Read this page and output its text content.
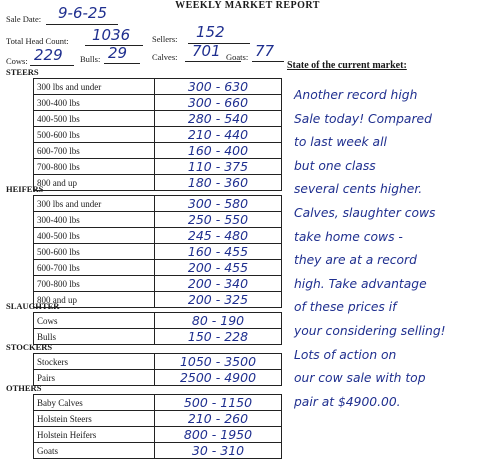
WEEKLY MARKET REPORT
Sale Date: 9-6-25
Total Head Count: 1036	Sellers: 152
Cows: 229 Bulls: 29	Calves: 701 Goats: 77
STEERS
300 lbs and under	300 - 630
300-400 lbs	300 - 660
400-500 lbs	280 - 540
500-600 lbs	210 - 440
600-700 lbs	160 - 400
700-800 lbs	110 - 375
800 and up	180 - 360
HEIFERS
300 lbs and under	300 - 580
300-400 lbs	250 - 550
400-500 lbs	245 - 480
500-600 lbs	160 - 455
600-700 lbs	200 - 455
700-800 lbs	200 - 340
800 and up	200 - 325
SLAUGHTER
Cows	80 - 190
Bulls	150 - 228
STOCKERS
Stockers	1050 - 3500
Pairs	2500 - 4900
OTHERS
Baby Calves	500 - 1150
Holstein Steers	210 - 260
Holstein Heifers	800 - 1950
Goats	30 - 310
State of the current market:
Another record high
Sale today! Compared
to last week all
but one class
several cents higher.
Calves, slaughter cows
take home cows -
they are at a record
high. Take advantage
of these prices if
your considering selling!
Lots of action on
our cow sale with top
pair at $4900.00.
